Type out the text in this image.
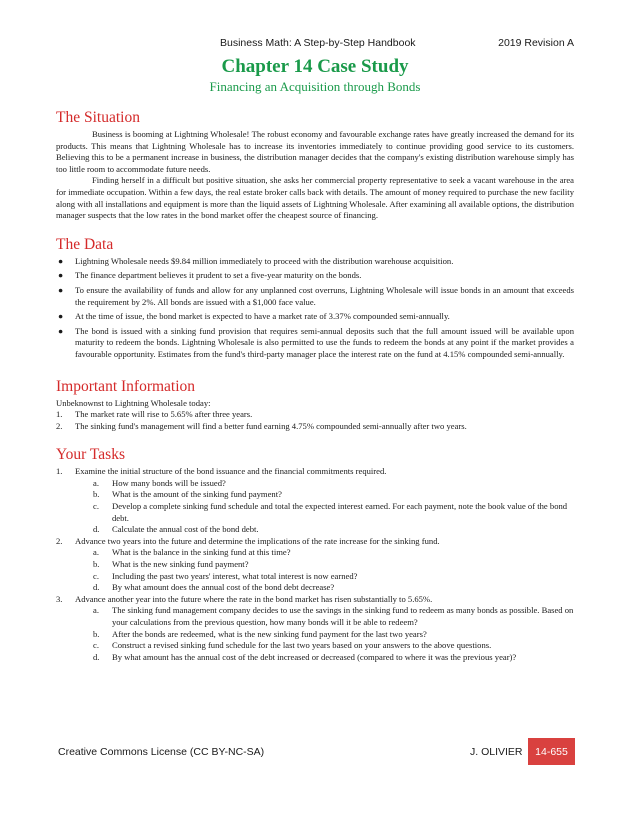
Business Math: A Step-by-Step Handbook	2019 Revision A
Chapter 14 Case Study
Financing an Acquisition through Bonds
The Situation

Business is booming at Lightning Wholesale! The robust economy and favourable exchange rates have greatly increased the demand for its products. This means that Lightning Wholesale has to increase its inventories immediately to continue providing good service to its customers. Believing this to be a permanent increase in business, the distribution manager decides that the company's existing distribution warehouse simply has too little room to accommodate future needs.

Finding herself in a difficult but positive situation, she asks her commercial property representative to seek a vacant warehouse in the area for immediate occupation. Within a few days, the real estate broker calls back with details. The amount of money required to purchase the new facility along with all installations and equipment is more than the liquid assets of Lightning Wholesale. After examining all available options, the distribution manager suspects that the low rates in the bond market offer the cheapest source of financing.

The Data
● Lightning Wholesale needs $9.84 million immediately to proceed with the distribution warehouse acquisition.
● The finance department believes it prudent to set a five-year maturity on the bonds.
● To ensure the availability of funds and allow for any unplanned cost overruns, Lightning Wholesale will issue bonds in an amount that exceeds the requirement by 2%. All bonds are issued with a $1,000 face value.
● At the time of issue, the bond market is expected to have a market rate of 3.37% compounded semi-annually.
● The bond is issued with a sinking fund provision that requires semi-annual deposits such that the full amount issued will be available upon maturity to redeem the bonds. Lightning Wholesale is also permitted to use the funds to redeem the bonds at any point if the market provides a favourable opportunity. Estimates from the fund's third-party manager place the interest rate on the fund at 4.15% compounded semi-annually.
Important Information
Unbeknownst to Lightning Wholesale today:
1. The market rate will rise to 5.65% after three years.
2. The sinking fund's management will find a better fund earning 4.75% compounded semi-annually after two years.
Your Tasks
1. Examine the initial structure of the bond issuance and the financial commitments required.
a. How many bonds will be issued?
b. What is the amount of the sinking fund payment?
c. Develop a complete sinking fund schedule and total the expected interest earned. For each payment, note the book value of the bond debt.
d. Calculate the annual cost of the bond debt.
2. Advance two years into the future and determine the implications of the rate increase for the sinking fund.
a. What is the balance in the sinking fund at this time?
b. What is the new sinking fund payment?
c. Including the past two years' interest, what total interest is now earned?
d. By what amount does the annual cost of the bond debt decrease?
3. Advance another year into the future where the rate in the bond market has risen substantially to 5.65%.
a. The sinking fund management company decides to use the savings in the sinking fund to redeem as many bonds as possible. Based on your calculations from the previous question, how many bonds will it be able to redeem?
b. After the bonds are redeemed, what is the new sinking fund payment for the last two years?
c. Construct a revised sinking fund schedule for the last two years based on your answers to the above questions.
d. By what amount has the annual cost of the debt increased or decreased (compared to where it was the previous year)?
Creative Commons License (CC BY-NC-SA)	J. OLIVIER	14-655
